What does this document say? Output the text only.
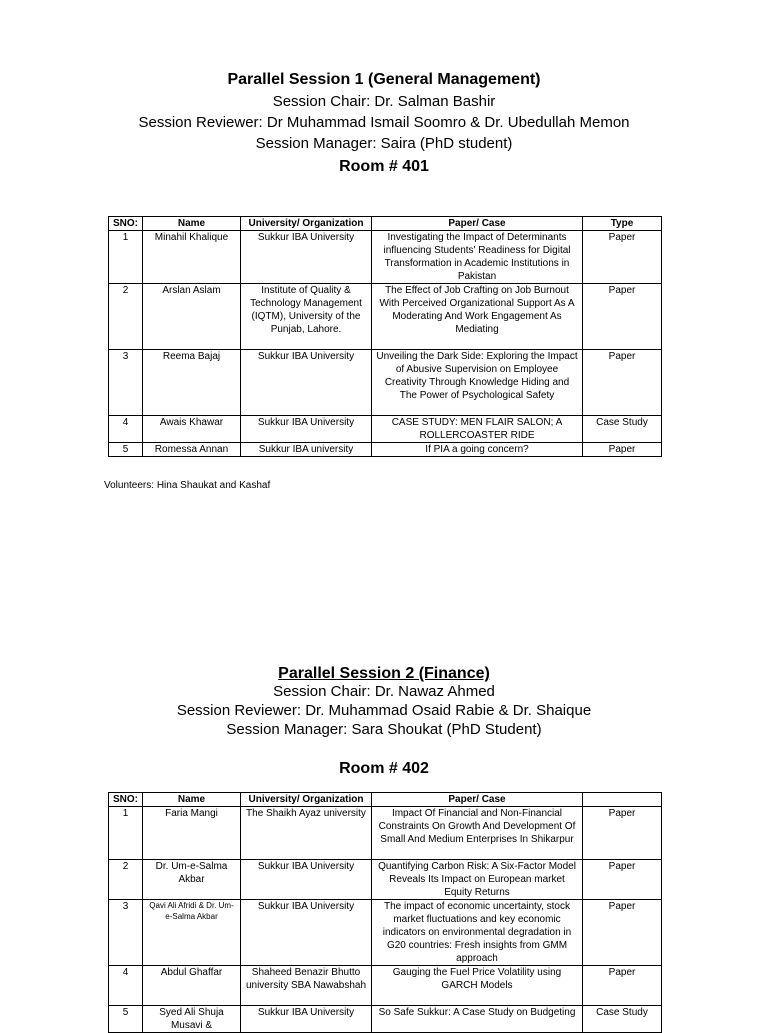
Parallel Session 1 (General Management)
Session Chair: Dr. Salman Bashir
Session Reviewer: Dr Muhammad Ismail Soomro & Dr. Ubedullah Memon
Session Manager: Saira (PhD student)
Room # 401
SNO:	Name	University/ Organization	Paper/ Case	Type
1	Minahil Khalique	Sukkur IBA University	Investigating the Impact of Determinants influencing Students' Readiness for Digital Transformation in Academic Institutions in Pakistan	Paper
2	Arslan Aslam	Institute of Quality & Technology Management (IQTM), University of the Punjab, Lahore.	The Effect of Job Crafting on Job Burnout With Perceived Organizational Support As A Moderating And Work Engagement As Mediating	Paper
3	Reema Bajaj	Sukkur IBA University	Unveiling the Dark Side: Exploring the Impact of Abusive Supervision on Employee Creativity Through Knowledge Hiding and The Power of Psychological Safety	Paper
4	Awais Khawar	Sukkur IBA University	CASE STUDY: MEN FLAIR SALON; A ROLLERCOASTER RIDE	Case Study
5	Romessa Annan	Sukkur IBA university	If PIA a going concern?	Paper
Volunteers: Hina Shaukat and Kashaf
Parallel Session 2 (Finance)
Session Chair: Dr. Nawaz Ahmed
Session Reviewer: Dr. Muhammad Osaid Rabie & Dr. Shaique
Session Manager: Sara Shoukat (PhD Student)
Room # 402
SNO:	Name	University/ Organization	Paper/ Case	
1	Faria Mangi	The Shaikh Ayaz university	Impact Of Financial and Non-Financial Constraints On Growth And Development Of Small And Medium Enterprises In Shikarpur	Paper
2	Dr. Um-e-Salma Akbar	Sukkur IBA University	Quantifying Carbon Risk: A Six-Factor Model Reveals Its Impact on European market Equity Returns	Paper
3	Qavi Ali Afridi & Dr. Um-e-Salma Akbar	Sukkur IBA University	The impact of economic uncertainty, stock market fluctuations and key economic indicators on environmental degradation in G20 countries: Fresh insights from GMM approach	Paper
4	Abdul Ghaffar	Shaheed Benazir Bhutto university SBA Nawabshah	Gauging the Fuel Price Volatility using GARCH Models	Paper
5	Syed Ali Shuja Musavi &	Sukkur IBA University	So Safe Sukkur: A Case Study on Budgeting	Case Study
